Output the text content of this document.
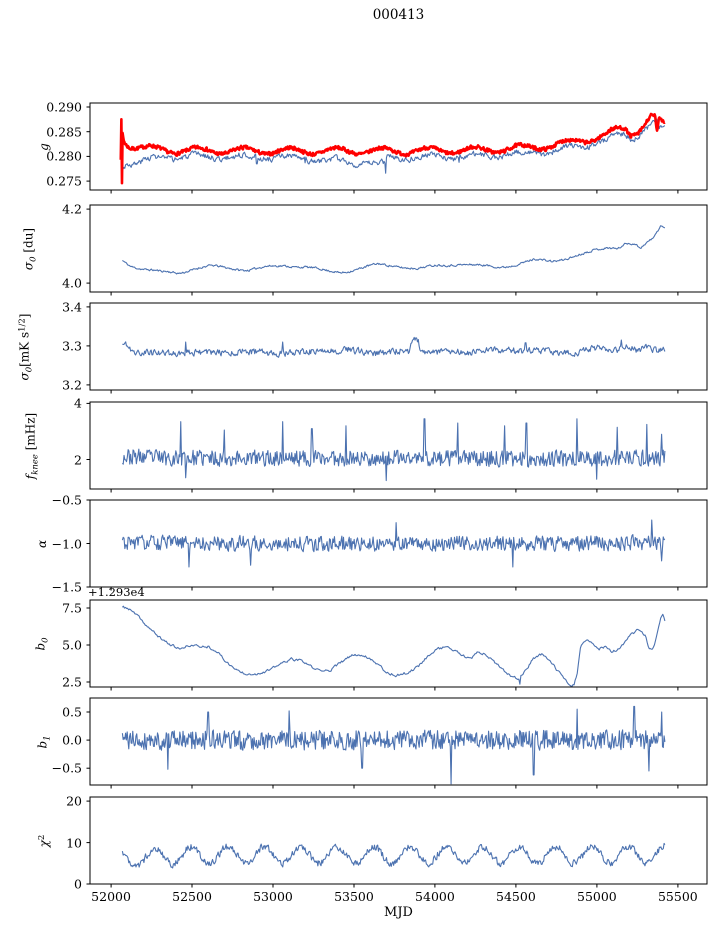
000413
0.275
0.280
0.285
0.290
g
4.0
4.2
$\sigma_0$ [du]
3.2
3.3
3.4
$\sigma_0[mK$ $s^{1/2}$]
2
4
$f_{knee}$ [mHz]
−0.5
−1.0
−1.5
α
2.5
5.0
7.5
$b_0$
+1.293e4
−0.5
0.0
0.5
$b_1$
0
10
20
$\chi^2$
52000	52500	53000	53500	54000	54500	55000	55500
MJD
